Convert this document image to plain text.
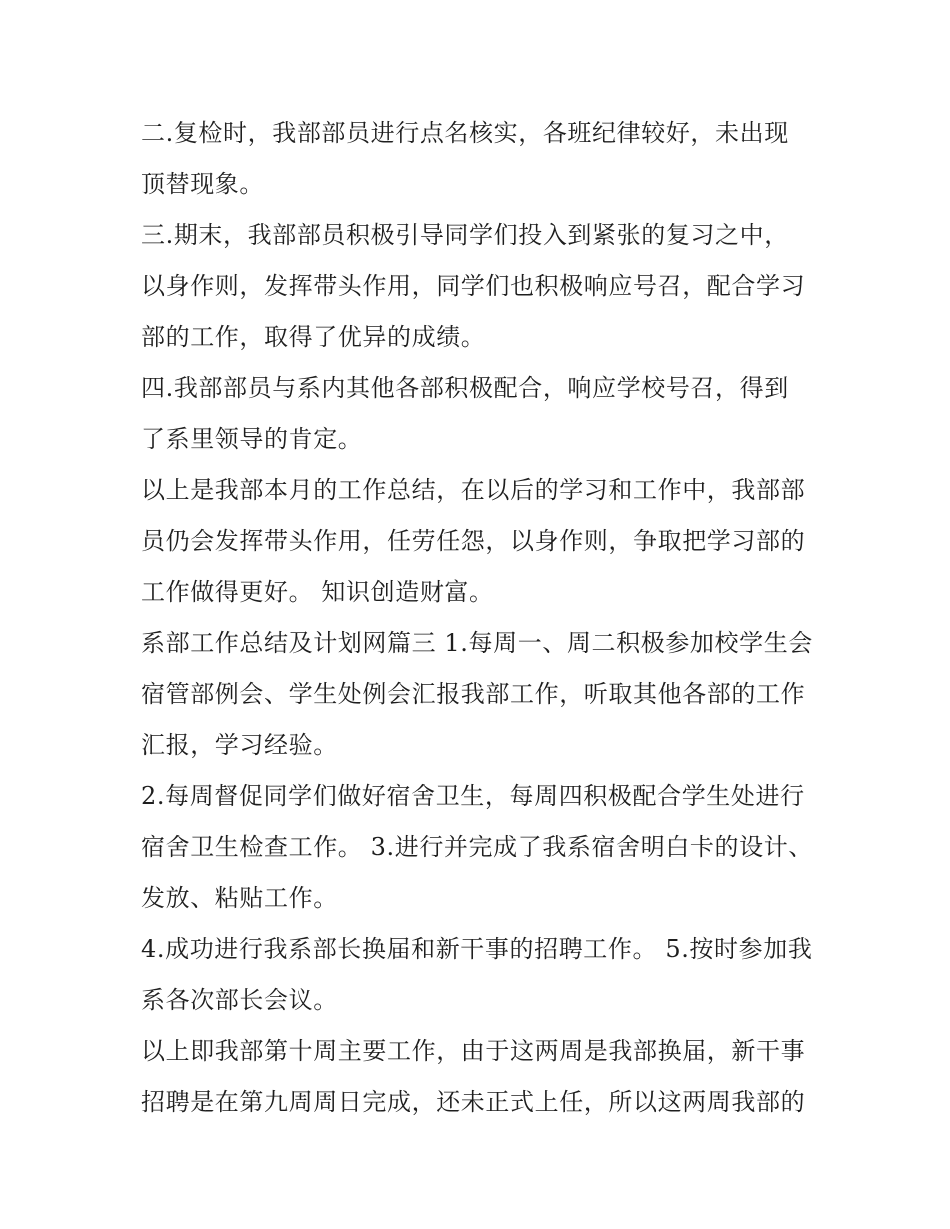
二.复检时，我部部员进行点名核实，各班纪律较好，未出现
顶替现象。

三.期末，我部部员积极引导同学们投入到紧张的复习之中，
以身作则，发挥带头作用，同学们也积极响应号召，配合学习
部的工作，取得了优异的成绩。

四.我部部员与系内其他各部积极配合，响应学校号召，得到
了系里领导的肯定。

以上是我部本月的工作总结，在以后的学习和工作中，我部部
员仍会发挥带头作用，任劳任怨，以身作则，争取把学习部的
工作做得更好。 知识创造财富。

系部工作总结及计划网篇三 1.每周一、周二积极参加校学生会
宿管部例会、学生处例会汇报我部工作，听取其他各部的工作
汇报，学习经验。

2.每周督促同学们做好宿舍卫生，每周四积极配合学生处进行
宿舍卫生检查工作。 3.进行并完成了我系宿舍明白卡的设计、
发放、粘贴工作。

4.成功进行我系部长换届和新干事的招聘工作。 5.按时参加我
系各次部长会议。

以上即我部第十周主要工作，由于这两周是我部换届，新干事
招聘是在第九周周日完成，还未正式上任，所以这两周我部的
